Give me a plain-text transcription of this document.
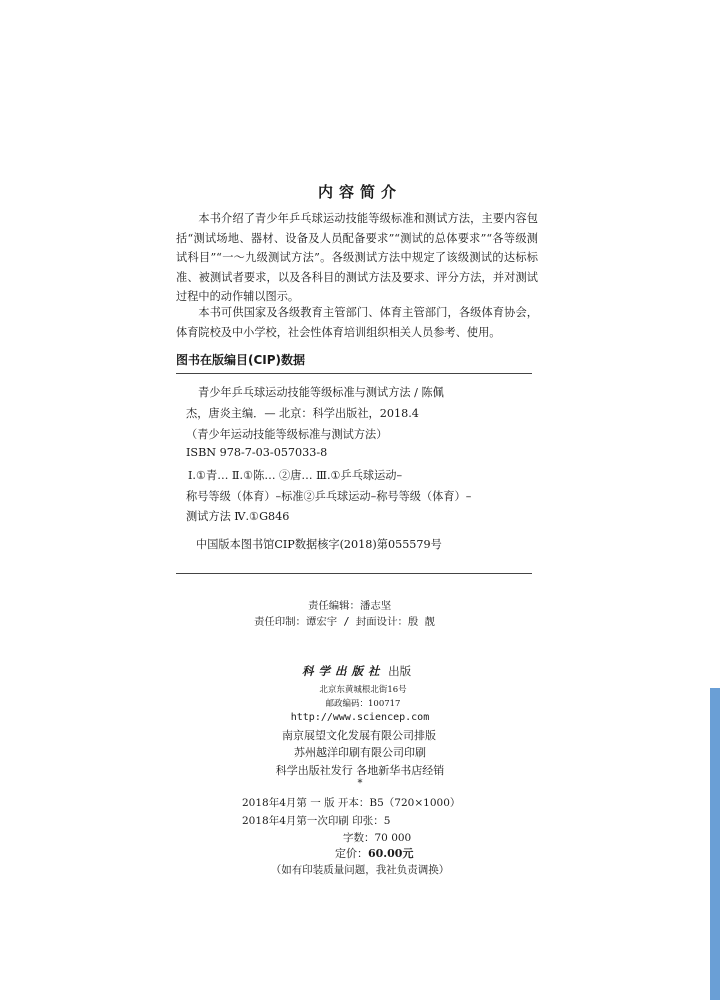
内容简介

本书介绍了青少年乒乓球运动技能等级标准和测试方法，主要内容包括“测试场地、器材、设备及人员配备要求”“测试的总体要求”“各等级测试科目”“一～九级测试方法”。各级测试方法中规定了该级测试的达标标准、被测试者要求，以及各科目的测试方法及要求、评分方法，并对测试过程中的动作辅以图示。

本书可供国家及各级教育主管部门、体育主管部门，各级体育协会，体育院校及中小学校，社会性体育培训组织相关人员参考、使用。

图书在版编目(CIP)数据
青少年乒乓球运动技能等级标准与测试方法 / 陈佩
杰，唐炎主编．— 北京：科学出版社，2018.4
（青少年运动技能等级标准与测试方法）
ISBN 978-7-03-057033-8
Ⅰ.①青… Ⅱ.①陈… ②唐… Ⅲ.①乒乓球运动–
称号等级（体育）–标准②乒乓球运动–称号等级（体育）–
测试方法 Ⅳ.①G846
中国版本图书馆CIP数据核字(2018)第055579号
责任编辑：潘志坚
责任印制：谭宏宇 / 封面设计：殷 靓
科学出版社 出版
北京东黄城根北街16号
邮政编码：100717
http://www.sciencep.com
南京展望文化发展有限公司排版
苏州越洋印刷有限公司印刷
科学出版社发行 各地新华书店经销
*
2018年4月第 一 版 开本：B5（720×1000）
2018年4月第一次印刷 印张：5
字数：70 000
定价：60.00元
（如有印装质量问题，我社负责调换）
